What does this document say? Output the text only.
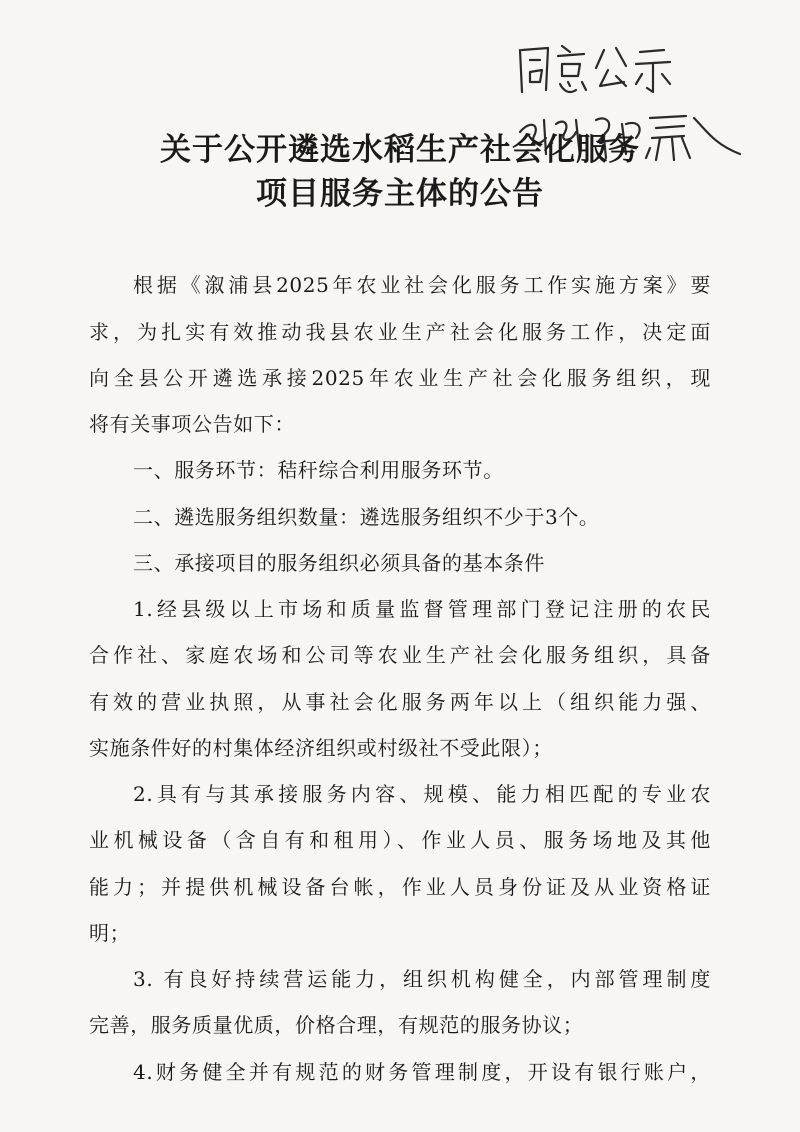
关于公开遴选水稻生产社会化服务
项目服务主体的公告
根据《溆浦县2025年农业社会化服务工作实施方案》要
求，为扎实有效推动我县农业生产社会化服务工作，决定面
向全县公开遴选承接2025年农业生产社会化服务组织，现
将有关事项公告如下：
一、服务环节：秸秆综合利用服务环节。
二、遴选服务组织数量：遴选服务组织不少于3个。
三、承接项目的服务组织必须具备的基本条件
1.经县级以上市场和质量监督管理部门登记注册的农民
合作社、家庭农场和公司等农业生产社会化服务组织，具备
有效的营业执照，从事社会化服务两年以上（组织能力强、
实施条件好的村集体经济组织或村级社不受此限）；
2.具有与其承接服务内容、规模、能力相匹配的专业农
业机械设备（含自有和租用）、作业人员、服务场地及其他
能力；并提供机械设备台帐，作业人员身份证及从业资格证
明；
3. 有良好持续营运能力，组织机构健全，内部管理制度
完善，服务质量优质，价格合理，有规范的服务协议；
4.财务健全并有规范的财务管理制度，开设有银行账户，
